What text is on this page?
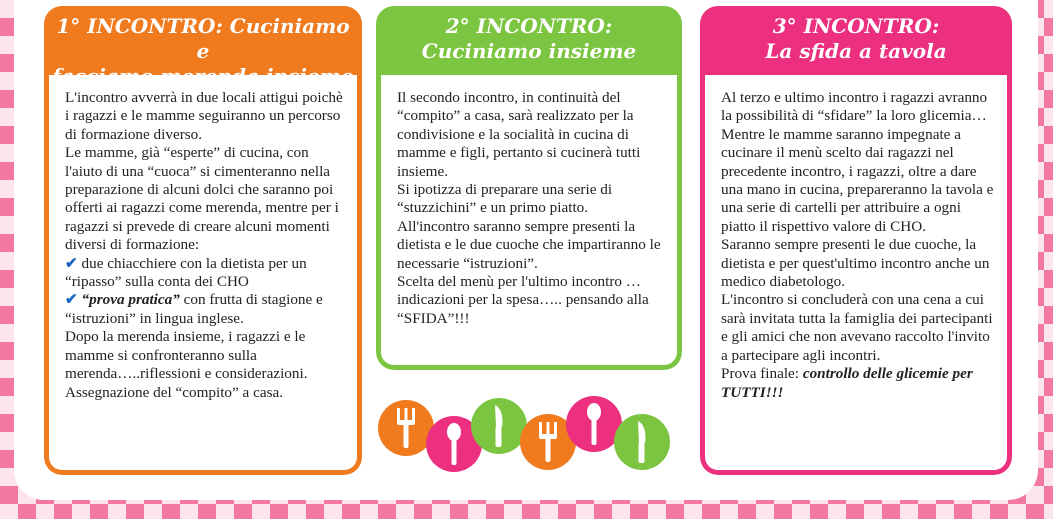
1° INCONTRO: Cuciniamo e
facciamo merenda insieme

L'incontro avverrà in due locali attigui poichè i ragazzi e le mamme seguiranno un percorso di formazione diverso.

Le mamme, già “esperte” di cucina, con l'aiuto di una “cuoca” si cimenteranno nella preparazione di alcuni dolci che saranno poi offerti ai ragazzi come merenda, mentre per i ragazzi si prevede di creare alcuni momenti diversi di formazione:

✔ due chiacchiere con la dietista per un “ripasso” sulla conta dei CHO

✔ “prova pratica” con frutta di stagione e “istruzioni” in lingua inglese.

Dopo la merenda insieme, i ragazzi e le mamme si confronteranno sulla merenda…..riflessioni e considerazioni.

Assegnazione del “compito” a casa.

2° INCONTRO:
Cuciniamo insieme

Il secondo incontro, in continuità del “compito” a casa, sarà realizzato per la condivisione e la socialità in cucina di mamme e figli, pertanto si cucinerà tutti insieme.

Si ipotizza di preparare una serie di “stuzzichini” e un primo piatto.

All'incontro saranno sempre presenti la dietista e le due cuoche che impartiranno le necessarie “istruzioni”.

Scelta del menù per l'ultimo incontro …indicazioni per la spesa….. pensando alla “SFIDA”!!!

3° INCONTRO:
La sfida a tavola

Al terzo e ultimo incontro i ragazzi avranno la possibilità di “sfidare” la loro glicemia…

Mentre le mamme saranno impegnate a cucinare il menù scelto dai ragazzi nel precedente incontro, i ragazzi, oltre a dare una mano in cucina, prepareranno la tavola e una serie di cartelli per attribuire a ogni piatto il rispettivo valore di CHO.

Saranno sempre presenti le due cuoche, la dietista e per quest'ultimo incontro anche un medico diabetologo.

L'incontro si concluderà con una cena a cui sarà invitata tutta la famiglia dei partecipanti e gli amici che non avevano raccolto l'invito a partecipare agli incontri.

Prova finale: controllo delle glicemie per TUTTI!!!
